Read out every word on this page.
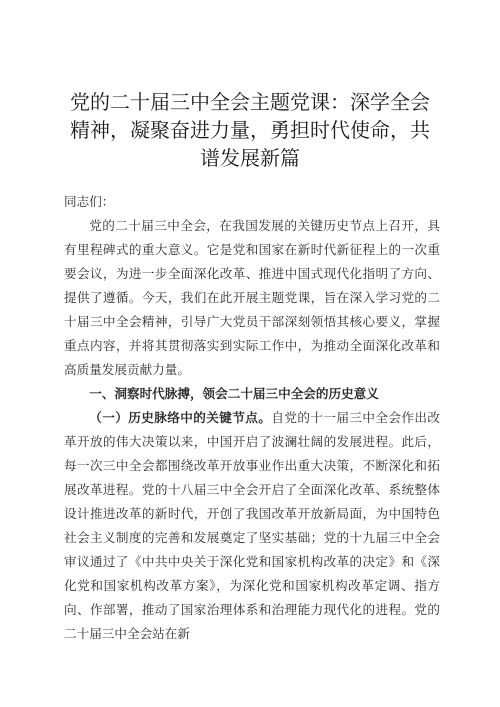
党的二十届三中全会主题党课：深学全会精神，凝聚奋进力量，勇担时代使命，共谱发展新篇

同志们：

党的二十届三中全会，在我国发展的关键历史节点上召开，具有里程碑式的重大意义。它是党和国家在新时代新征程上的一次重要会议，为进一步全面深化改革、推进中国式现代化指明了方向、提供了遵循。今天，我们在此开展主题党课，旨在深入学习党的二十届三中全会精神，引导广大党员干部深刻领悟其核心要义，掌握重点内容，并将其贯彻落实到实际工作中，为推动全面深化改革和高质量发展贡献力量。

一、洞察时代脉搏，领会二十届三中全会的历史意义

（一）历史脉络中的关键节点。自党的十一届三中全会作出改革开放的伟大决策以来，中国开启了波澜壮阔的发展进程。此后，每一次三中全会都围绕改革开放事业作出重大决策，不断深化和拓展改革进程。党的十八届三中全会开启了全面深化改革、系统整体设计推进改革的新时代，开创了我国改革开放新局面，为中国特色社会主义制度的完善和发展奠定了坚实基础；党的十九届三中全会审议通过了《中共中央关于深化党和国家机构改革的决定》和《深化党和国家机构改革方案》，为深化党和国家机构改革定调、指方向、作部署，推动了国家治理体系和治理能力现代化的进程。党的二十届三中全会站在新
